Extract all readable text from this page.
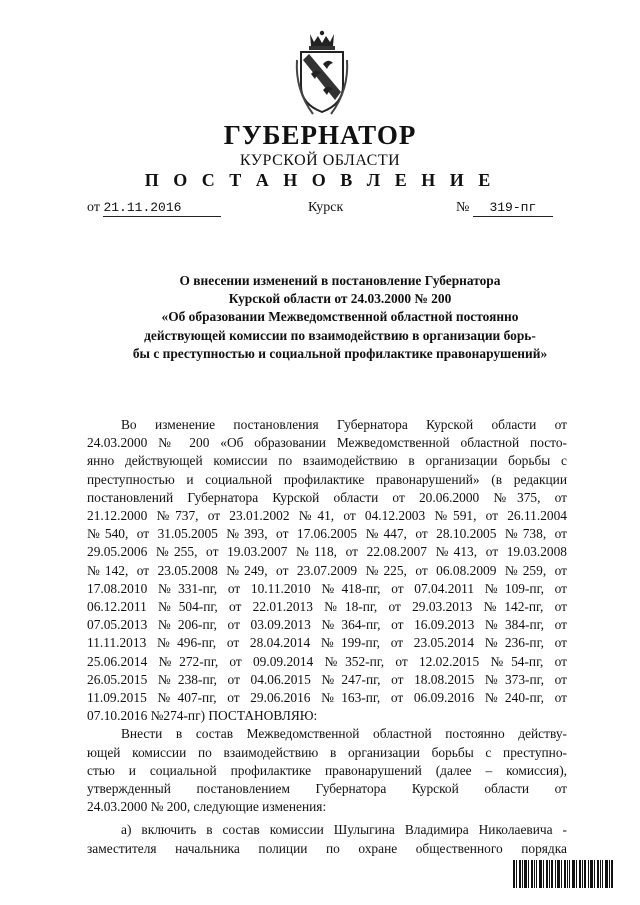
ГУБЕРНАТОР
КУРСКОЙ ОБЛАСТИ
П О С Т А Н О В Л Е Н И Е
от 21.11.2016	Курск	№ 319-пг
О внесении изменений в постановление Губернатора
Курской области от 24.03.2000 № 200
«Об образовании Межведомственной областной постоянно
действующей комиссии по взаимодействию в организации борь-
бы с преступностью и социальной профилактике правонарушений»
Во изменение постановления Губернатора Курской области от
24.03.2000 № 200 «Об образовании Межведомственной областной посто-
янно действующей комиссии по взаимодействию в организации борьбы с
преступностью и социальной профилактике правонарушений» (в редакции
постановлений Губернатора Курской области от 20.06.2000 №375, от
21.12.2000 №737, от 23.01.2002 №41, от 04.12.2003 №591, от 26.11.2004
№540, от 31.05.2005 №393, от 17.06.2005 №447, от 28.10.2005 №738, от
29.05.2006 №255, от 19.03.2007 №118, от 22.08.2007 №413, от 19.03.2008
№142, от 23.05.2008 №249, от 23.07.2009 №225, от 06.08.2009 №259, от
17.08.2010 №331-пг, от 10.11.2010 №418-пг, от 07.04.2011 №109-пг, от
06.12.2011 №504-пг, от 22.01.2013 №18-пг, от 29.03.2013 №142-пг, от
07.05.2013 №206-пг, от 03.09.2013 №364-пг, от 16.09.2013 №384-пг, от
11.11.2013 №496-пг, от 28.04.2014 №199-пг, от 23.05.2014 №236-пг, от
25.06.2014 №272-пг, от 09.09.2014 №352-пг, от 12.02.2015 №54-пг, от
26.05.2015 №238-пг, от 04.06.2015 №247-пг, от 18.08.2015 №373-пг, от
11.09.2015 №407-пг, от 29.06.2016 №163-пг, от 06.09.2016 №240-пг, от
07.10.2016 №274-пг) ПОСТАНОВЛЯЮ:
Внести в состав Межведомственной областной постоянно действу-
ющей комиссии по взаимодействию в организации борьбы с преступно-
стью и социальной профилактике правонарушений (далее – комиссия),
утвержденный постановлением Губернатора Курской области от
24.03.2000 № 200, следующие изменения:
а) включить в состав комиссии Шулыгина Владимира Николаевича -
заместителя начальника полиции по охране общественного порядка
